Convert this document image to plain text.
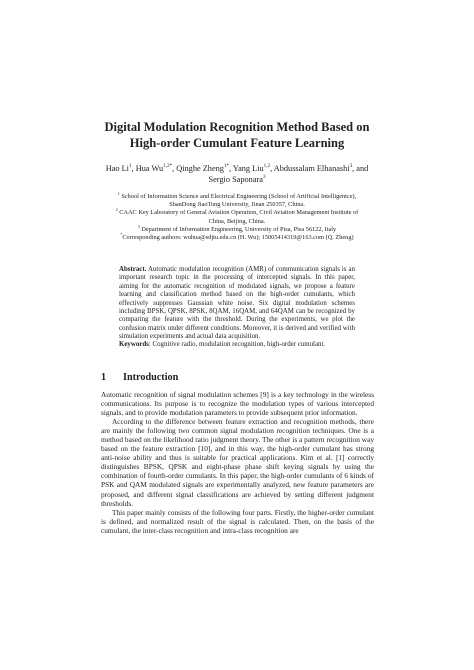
Digital Modulation Recognition Method Based on High-order Cumulant Feature Learning
Hao Li$^1$, Hua $Wu^{1,2*}$, Qinghe Zheng$^{1*}$, Yang Liu$^{1,2}$, Abdussalam Elhanashi$^3$, and
Sergio Saponara$^3$
$^1$ School of Information Science and Electrical Engineering (School of Artificial Intelligentce), ShanDong JiaoTong University, Jinan 250357, China.
$^2$ CAAC Key Laboratory of General Aviation Operation, Civil Aviation Management Institute of China, Beijing, China.
$^3$ Department of Information Engineering, University of Pisa, Pisa 56122, Italy
*Corresponding authors: wuhua@sdjtu.edu.cn (H. Wu); 15005414319@163.com (Q. Zheng)
Abstract. Automatic modulation recognition (AMR) of communication signals is an important research topic in the processing of intercepted signals. In this paper, aiming for the automatic recognition of modulated signals, we propose a feature learning and classification method based on the high-order cumulants, which effectively suppresses Gaussian white noise. Six digital modulation schemes including BPSK, QPSK, 8PSK, 8QAM, 16QAM, and 64QAM can be recognized by comparing the feature with the threshold. During the experiments, we plot the confusion matrix under different conditions. Moreover, it is derived and verified with simulation experiments and actual data acquisition.
Keywords: Cognitive radio, modulation recognition, high-order cumulant.
1 Introduction

Automatic recognition of signal modulation schemes [9] is a key technology in the wireless communications. Its purpose is to recognize the modulation types of various intercepted signals, and to provide modulation parameters to provide subsequent prior information.

According to the difference between feature extraction and recognition methods, there are mainly the following two common signal modulation recognition techniques. One is a method based on the likelihood ratio judgment theory. The other is a pattern recognition way based on the feature extraction [10], and in this way, the high-order cumulant has strong anti-noise ability and thus is suitable for practical applications. Kim et al. [1] correctly distinguishes BPSK, QPSK and eight-phase phase shift keying signals by using the combination of fourth-order cumulants. In this paper, the high-order cumulants of 6 kinds of PSK and QAM modulated signals are experimentally analyzed, new feature parameters are proposed, and different signal classifications are achieved by setting different judgment thresholds.

This paper mainly consists of the following four parts. Firstly, the higher-order cumulant is defined, and normalized result of the signal is calculated. Then, on the basis of the cumulant, the inter-class recognition and intra-class recognition are
